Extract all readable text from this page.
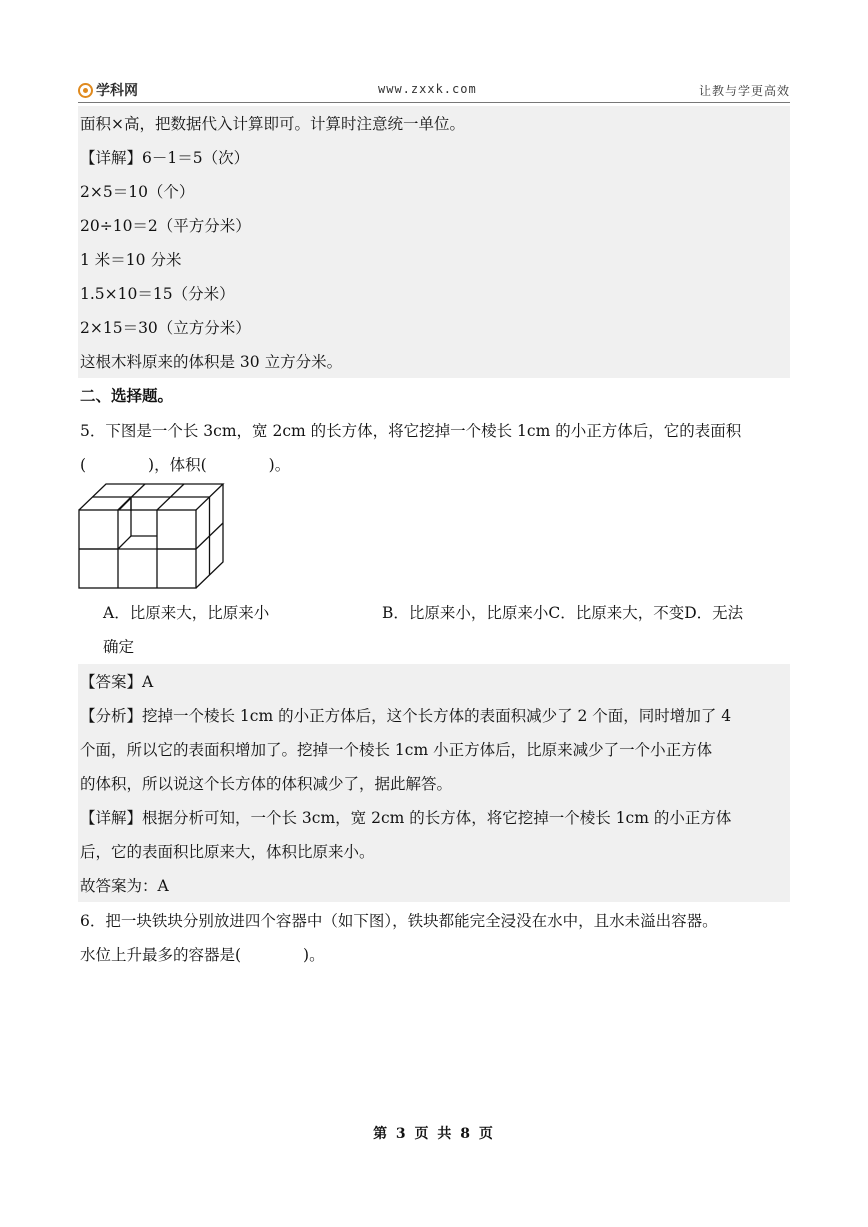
学科网	www.zxxk.com	让教与学更高效
面积×高，把数据代入计算即可。计算时注意统一单位。
【详解】6－1＝5（次）
2×5＝10（个）
20÷10＝2（平方分米）
1 米＝10 分米
1.5×10＝15（分米）
2×15＝30（立方分米）
这根木料原来的体积是 30 立方分米。
二、选择题。
5．下图是一个长 3cm，宽 2cm 的长方体，将它挖掉一个棱长 1cm 的小正方体后，它的表面积
(　　　　)，体积(　　　　)。
A．比原来大，比原来小	B．比原来小，比原来小C．比原来大，不变D．无法
确定
【答案】A
【分析】挖掉一个棱长 1cm 的小正方体后，这个长方体的表面积减少了 2 个面，同时增加了 4
个面，所以它的表面积增加了。挖掉一个棱长 1cm 小正方体后，比原来减少了一个小正方体
的体积，所以说这个长方体的体积减少了，据此解答。
【详解】根据分析可知，一个长 3cm，宽 2cm 的长方体，将它挖掉一个棱长 1cm 的小正方体
后，它的表面积比原来大，体积比原来小。
故答案为：A
6．把一块铁块分别放进四个容器中（如下图），铁块都能完全浸没在水中，且水未溢出容器。
水位上升最多的容器是(　　　　)。
第 3 页 共 8 页
